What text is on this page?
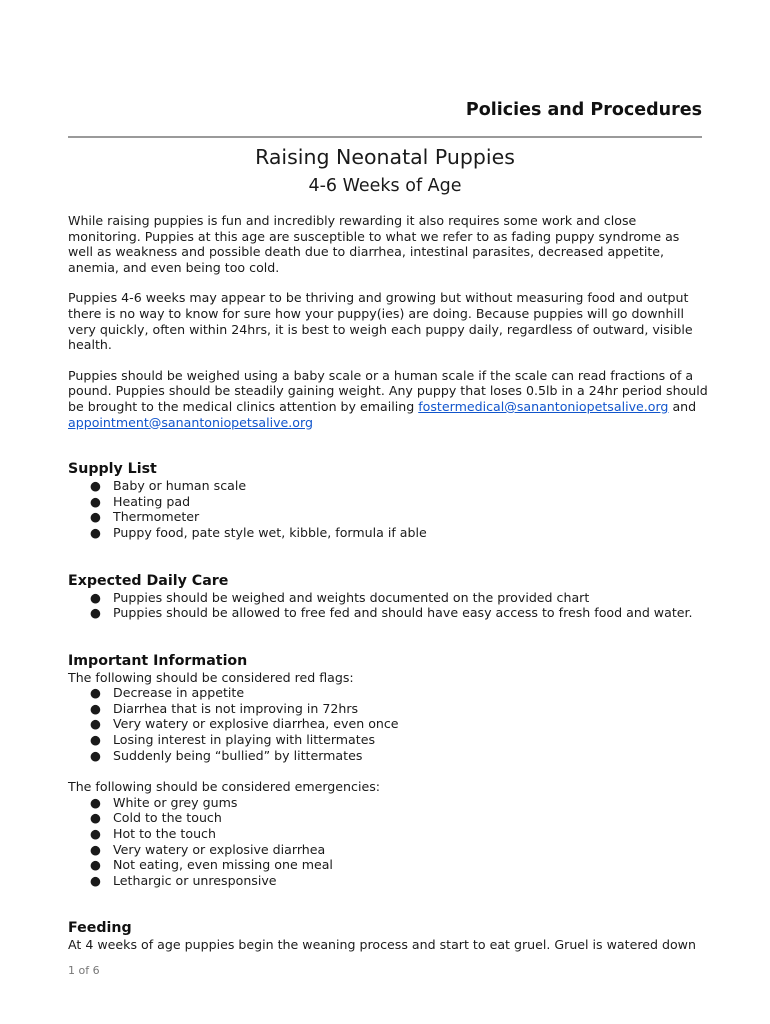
Policies and Procedures
Raising Neonatal Puppies
4-6 Weeks of Age

While raising puppies is fun and incredibly rewarding it also requires some work and close monitoring. Puppies at this age are susceptible to what we refer to as fading puppy syndrome as well as weakness and possible death due to diarrhea, intestinal parasites, decreased appetite, anemia, and even being too cold.

Puppies 4-6 weeks may appear to be thriving and growing but without measuring food and output there is no way to know for sure how your puppy(ies) are doing. Because puppies will go downhill very quickly, often within 24hrs, it is best to weigh each puppy daily, regardless of outward, visible health.

Puppies should be weighed using a baby scale or a human scale if the scale can read fractions of a pound. Puppies should be steadily gaining weight. Any puppy that loses 0.5lb in a 24hr period should be brought to the medical clinics attention by emailing fostermedical@sanantoniopetsalive.org and appointment@sanantoniopetsalive.org

Supply List
● Baby or human scale
● Heating pad
● Thermometer
● Puppy food, pate style wet, kibble, formula if able
Expected Daily Care
● Puppies should be weighed and weights documented on the provided chart
● Puppies should be allowed to free fed and should have easy access to fresh food and water.
Important Information

The following should be considered red flags:

● Decrease in appetite
● Diarrhea that is not improving in 72hrs
● Very watery or explosive diarrhea, even once
● Losing interest in playing with littermates
● Suddenly being “bullied” by littermates

The following should be considered emergencies:

● White or grey gums
● Cold to the touch
● Hot to the touch
● Very watery or explosive diarrhea
● Not eating, even missing one meal
● Lethargic or unresponsive
Feeding

At 4 weeks of age puppies begin the weaning process and start to eat gruel. Gruel is watered down

1 of 6
